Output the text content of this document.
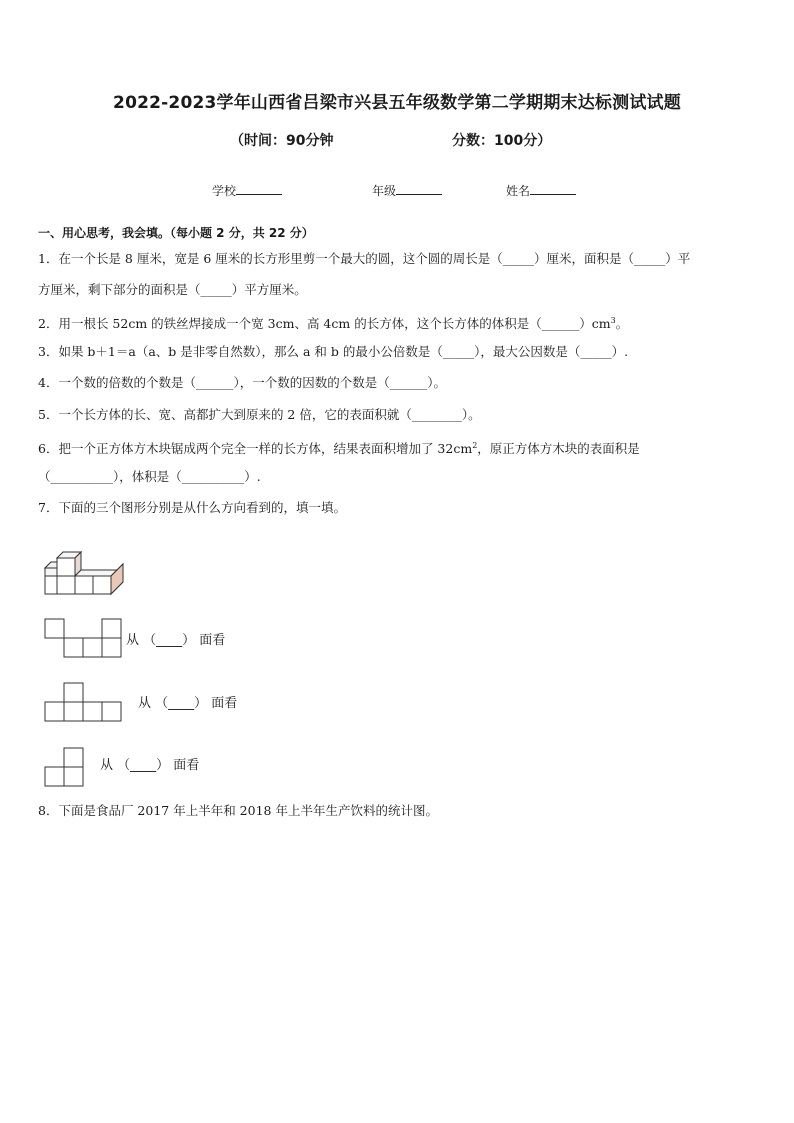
2022-2023学年山西省吕梁市兴县五年级数学第二学期期末达标测试试题
（时间：90分钟	分数：100分）
学校	年级	姓名
一、用心思考，我会填。（每小题 2 分，共 22 分）
1．在一个长是 8 厘米，宽是 6 厘米的长方形里剪一个最大的圆，这个圆的周长是（_____）厘米，面积是（_____）平
方厘米，剩下部分的面积是（_____）平方厘米。
2．用一根长 52cm 的铁丝焊接成一个宽 3cm、高 4cm 的长方体，这个长方体的体积是$(\_\_\_\_\_\_)cm^3$。
3．如果 b＋1＝a（a、b 是非零自然数），那么 a 和 b 的最小公倍数是（_____），最大公因数是（_____）.
4．一个数的倍数的个数是（______），一个数的因数的个数是（______）。
5．一个长方体的长、宽、高都扩大到原来的 2 倍，它的表面积就（________）。
6．把一个正方体方木块锯成两个完全一样的长方体，结果表面积增加了 $32cm^2$，原正方体方木块的表面积是
（__________），体积是（__________）.
7．下面的三个图形分别是从什么方向看到的，填一填。
从 （____） 面看
从 （____） 面看
从 （____） 面看
8．下面是食品厂 2017 年上半年和 2018 年上半年生产饮料的统计图。
